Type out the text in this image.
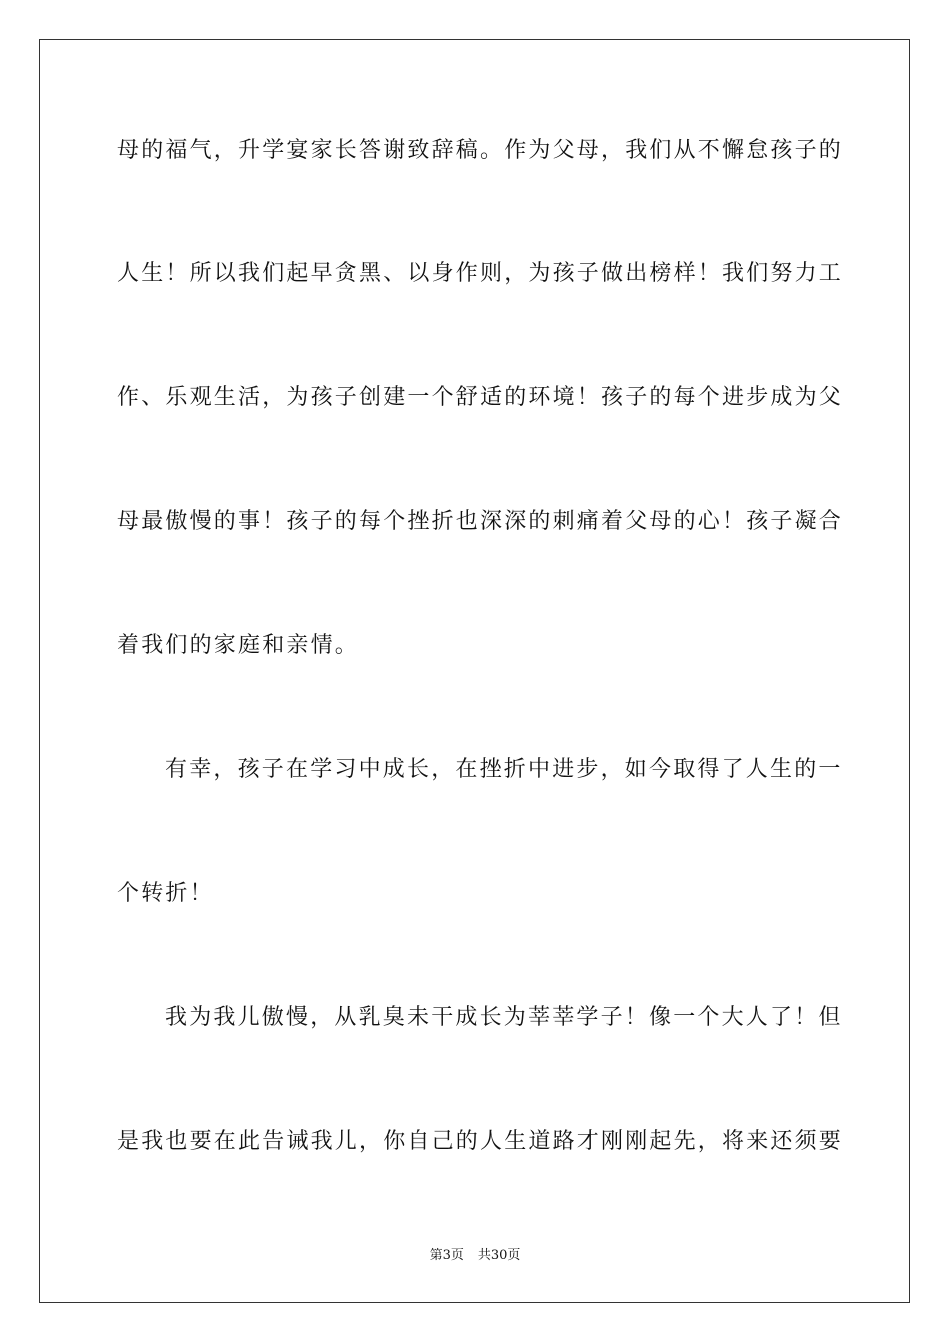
母的福气，升学宴家长答谢致辞稿。作为父母，我们从不懈怠孩子的
人生！所以我们起早贪黑、以身作则，为孩子做出榜样！我们努力工
作、乐观生活，为孩子创建一个舒适的环境！孩子的每个进步成为父
母最傲慢的事！孩子的每个挫折也深深的刺痛着父母的心！孩子凝合
着我们的家庭和亲情。
有幸，孩子在学习中成长，在挫折中进步，如今取得了人生的一
个转折！
我为我儿傲慢，从乳臭未干成长为莘莘学子！像一个大人了！但
是我也要在此告诫我儿，你自己的人生道路才刚刚起先，将来还须要
第3页 共30页
